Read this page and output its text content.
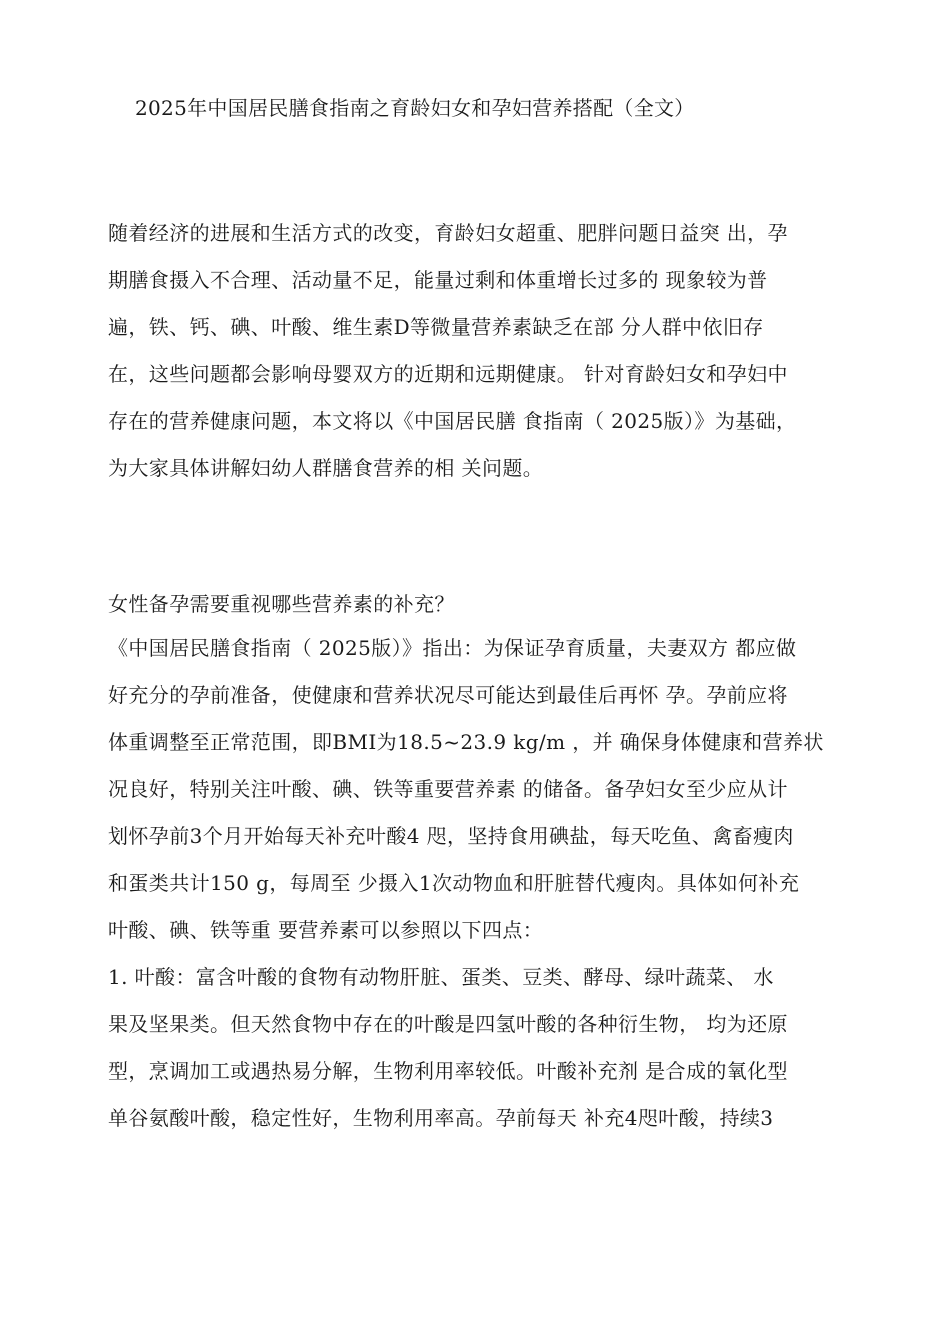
2025年中国居民膳食指南之育龄妇女和孕妇营养搭配（全文）
随着经济的进展和生活方式的改变，育龄妇女超重、肥胖问题日益突 出，孕
期膳食摄入不合理、活动量不足，能量过剩和体重增长过多的 现象较为普
遍，铁、钙、碘、叶酸、维生素D等微量营养素缺乏在部 分人群中依旧存
在，这些问题都会影响母婴双方的近期和远期健康。 针对育龄妇女和孕妇中
存在的营养健康问题，本文将以《中国居民膳 食指南（ 2025版）》为基础，
为大家具体讲解妇幼人群膳食营养的相 关问题。
女性备孕需要重视哪些营养素的补充？
《中国居民膳食指南（ 2025版）》指出：为保证孕育质量，夫妻双方 都应做
好充分的孕前准备，使健康和营养状况尽可能达到最佳后再怀 孕。孕前应将
体重调整至正常范围，即BMI为18.5~23.9 kg/m ，并 确保身体健康和营养状
况良好，特别关注叶酸、碘、铁等重要营养素 的储备。备孕妇女至少应从计
划怀孕前3个月开始每天补充叶酸4 咫，坚持食用碘盐，每天吃鱼、禽畜瘦肉
和蛋类共计150 g，每周至 少摄入1次动物血和肝脏替代瘦肉。具体如何补充
叶酸、碘、铁等重 要营养素可以参照以下四点：
1. 叶酸：富含叶酸的食物有动物肝脏、蛋类、豆类、酵母、绿叶蔬菜、 水
果及坚果类。但天然食物中存在的叶酸是四氢叶酸的各种衍生物， 均为还原
型，烹调加工或遇热易分解，生物利用率较低。叶酸补充剂 是合成的氧化型
单谷氨酸叶酸，稳定性好，生物利用率高。孕前每天 补充4咫叶酸，持续3
